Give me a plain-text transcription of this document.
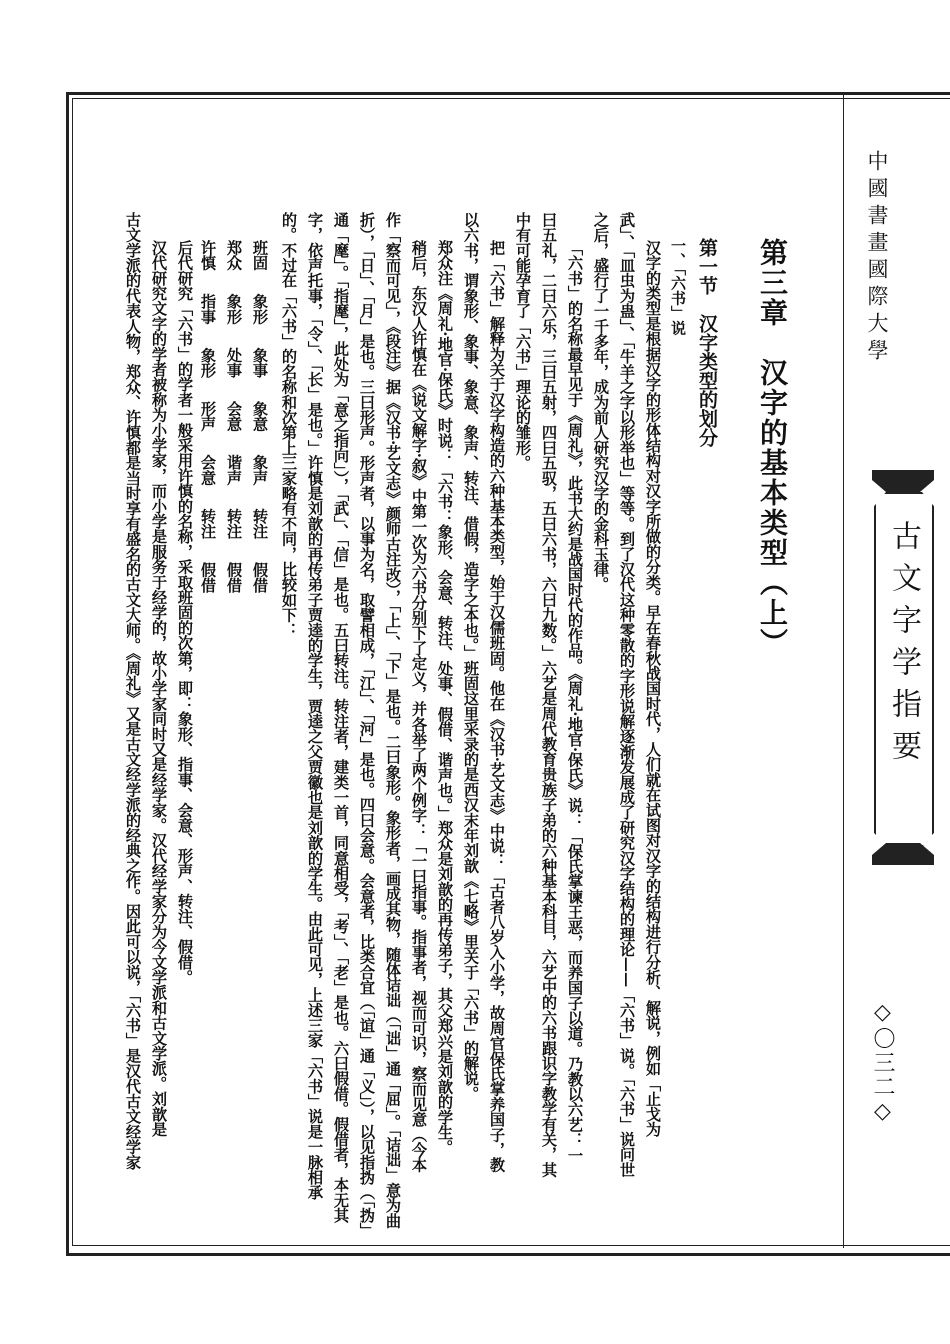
中國書畫國際大學
古文字学指要
◇〇三二◇
第三章　汉字的基本类型（上）
第一节　汉字类型的划分
一、「六书」说
汉字的类型是根据汉字的形体结构对汉字所做的分类。早在春秋战国时代，人们就在试图对汉字的结构进行分析、解说，例如「止戈为
武」、「皿虫为蛊」、「牛羊之字以形举也」等等。到了汉代这种零散的字形说解逐渐发展成了研究汉字结构的理论——「六书」说。「六书」说问世
之后，盛行了一千多年，成为前人研究汉字的金科玉律。
「六书」的名称最早见于《周礼》，此书大约是战国时代的作品。《周礼·地官·保氏》说：「保氏掌谏王恶，而养国子以道。乃教以六艺：一
曰五礼，二曰六乐，三曰五射，四曰五驭，五曰六书，六曰九数。」六艺是周代教育贵族子弟的六种基本科目，六艺中的六书跟识字教学有关，其
中有可能孕育了「六书」理论的雏形。
把「六书」解释为关于汉字构造的六种基本类型，始于汉儒班固。他在《汉书·艺文志》中说：「古者八岁入小学，故周官保氏掌养国子，教
以六书，谓象形、象事、象意、象声、转注、借假，造字之本也。」班固这里采录的是西汉末年刘歆《七略》里关于「六书」的解说。
郑众注《周礼·地官·保氏》时说：「六书：象形、会意、转注、处事、假借、谐声也。」郑众是刘歆的再传弟子，其父郑兴是刘歆的学生。
稍后，东汉人许慎在《说文解字·叙》中第一次为六书分别下了定义，并各举了两个例字：「一曰指事。指事者，视而可识，察而见意（今本
作「察而可见」，《段注》据《汉书·艺文志》颜师古注改），「上」、「下」是也。二曰象形。象形者，画成其物，随体诘诎（「诎」通「屈」。「诘诎」意为曲
折），「日」、「月」是也。三曰形声。形声者，以事为名，取譬相成，「江」、「河」是也。四曰会意。会意者，比类合宜（「谊」通「义」），以见指㧑（「㧑」
通「麾」。「指麾」，此处为「意之指向」），「武」、「信」是也。五曰转注。转注者，建类一首，同意相受，「考」、「老」是也。六曰假借。假借者，本无其
字，依声托事，「令」、「长」是也。」许慎是刘歆的再传弟子贾逵的学生，贾逵之父贾徽也是刘歆的学生。由此可见，上述三家「六书」说是一脉相承
的。不过在「六书」的名称和次第上三家略有不同，比较如下：
班固 象形 象事 象意 象声 转注 假借
郑众 象形 处事 会意 谐声 转注 假借
许慎 指事 象形 形声 会意 转注 假借
后代研究「六书」的学者一般采用许慎的名称，采取班固的次第，即：象形、指事、会意、形声、转注、假借。
汉代研究文字的学者被称为小学家，而小学是服务于经学的，故小学家同时又是经学家。汉代经学家分为今文学派和古文学派。刘歆是
古文学派的代表人物，郑众、许慎都是当时享有盛名的古文大师。《周礼》又是古文经学派的经典之作。因此可以说，「六书」是汉代古文经学家
